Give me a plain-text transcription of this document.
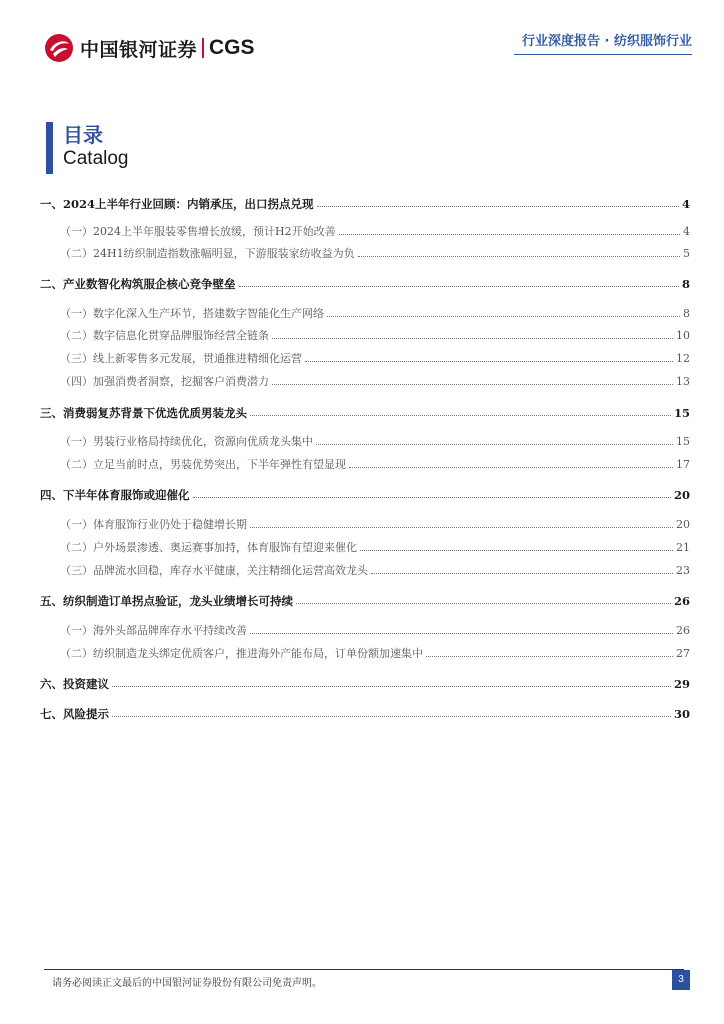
中国银河证券 CGS	行业深度报告 · 纺织服饰行业
目录
Catalog
一、 2024上半年行业回顾：内销承压，出口拐点兑现	4
（一） 2024上半年服装零售增长放缓，预计H2开始改善	4
（二） 24H1纺织制造指数涨幅明显，下游服装家纺收益为负	5
二、 产业数智化构筑服企核心竞争壁垒	8
（一） 数字化深入生产环节，搭建数字智能化生产网络	8
（二） 数字信息化贯穿品牌服饰经营全链条	10
（三） 线上新零售多元发展，贯通推进精细化运营	12
（四） 加强消费者洞察，挖掘客户消费潜力	13
三、 消费弱复苏背景下优选优质男装龙头	15
（一） 男装行业格局持续优化，资源向优质龙头集中	15
（二） 立足当前时点，男装优势突出，下半年弹性有望显现	17
四、 下半年体育服饰或迎催化	20
（一） 体育服饰行业仍处于稳健增长期	20
（二） 户外场景渗透、奥运赛事加持，体育服饰有望迎来催化	21
（三） 品牌流水回稳，库存水平健康，关注精细化运营高效龙头	23
五、 纺织制造订单拐点验证，龙头业绩增长可持续	26
（一） 海外头部品牌库存水平持续改善	26
（二） 纺织制造龙头绑定优质客户，推进海外产能布局，订单份额加速集中	27
六、 投资建议	29
七、 风险提示	30
请务必阅读正文最后的中国银河证券股份有限公司免责声明。	3
